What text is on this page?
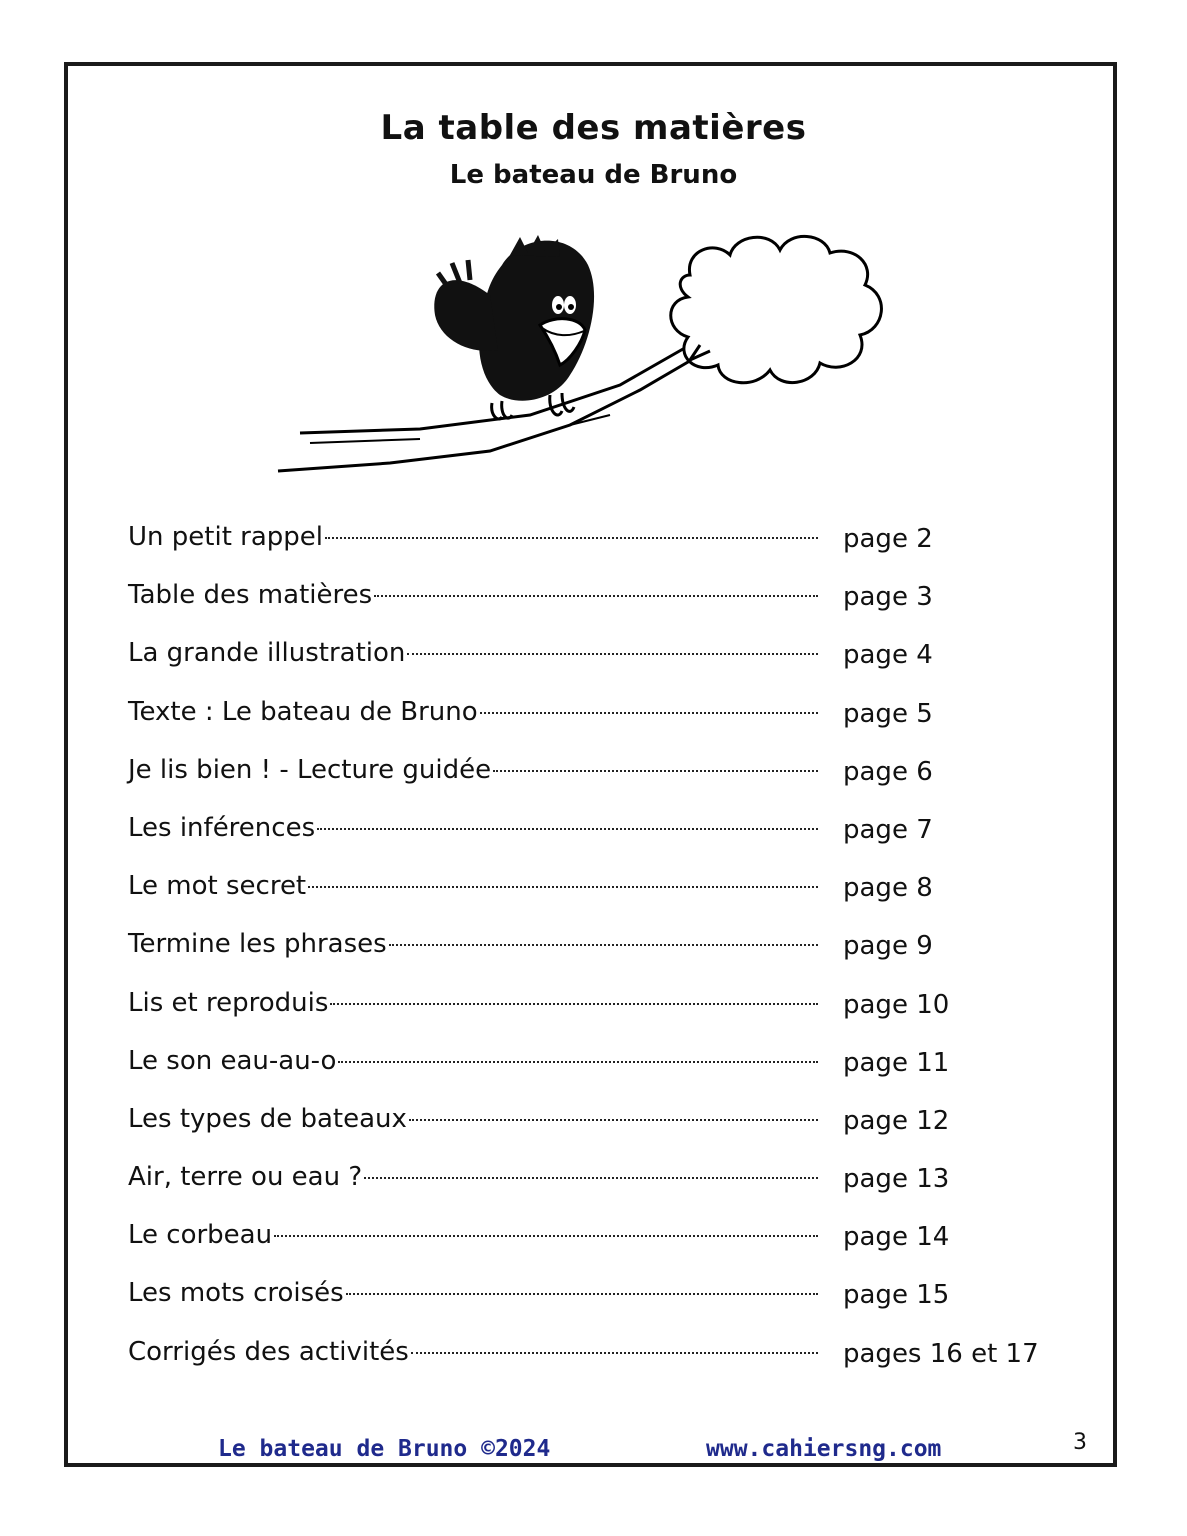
La table des matières
Le bateau de Bruno
Un petit rappel	page 2
Table des matières	page 3
La grande illustration	page 4
Texte : Le bateau de Bruno	page 5
Je lis bien ! - Lecture guidée	page 6
Les inférences	page 7
Le mot secret	page 8
Termine les phrases	page 9
Lis et reproduis	page 10
Le son eau-au-o	page 11
Les types de bateaux	page 12
Air, terre ou eau ?	page 13
Le corbeau	page 14
Les mots croisés	page 15
Corrigés des activités	pages 16 et 17
Le bateau de Bruno ©2024	www.cahiersng.com	3
